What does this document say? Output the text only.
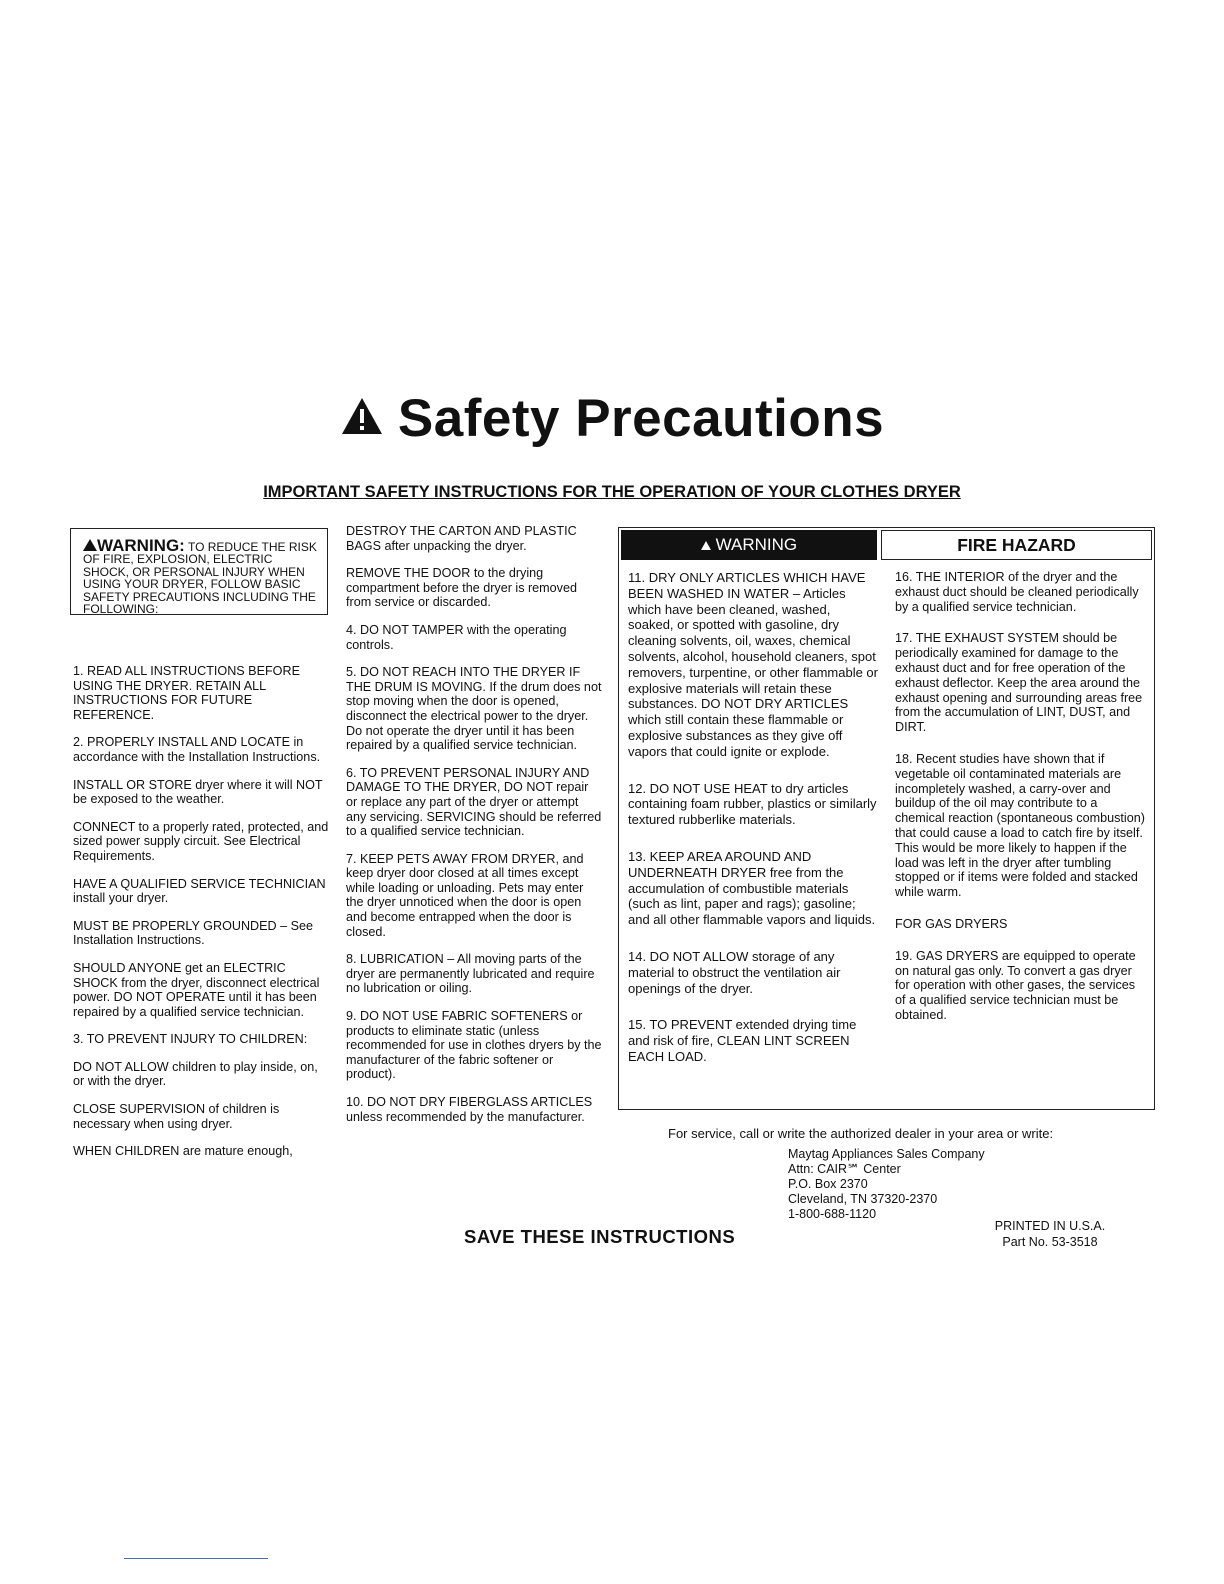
Safety Precautions
IMPORTANT SAFETY INSTRUCTIONS FOR THE OPERATION OF YOUR CLOTHES DRYER
WARNING: TO REDUCE THE RISK OF FIRE, EXPLOSION, ELECTRIC SHOCK, OR PERSONAL INJURY WHEN USING YOUR DRYER, FOLLOW BASIC SAFETY PRECAUTIONS INCLUDING THE FOLLOWING:

1. READ ALL INSTRUCTIONS BEFORE USING THE DRYER. RETAIN ALL INSTRUCTIONS FOR FUTURE REFERENCE.

2. PROPERLY INSTALL AND LOCATE in accordance with the Installation Instructions.

INSTALL OR STORE dryer where it will NOT be exposed to the weather.

CONNECT to a properly rated, protected, and sized power supply circuit. See Electrical Requirements.

HAVE A QUALIFIED SERVICE TECHNICIAN install your dryer.

MUST BE PROPERLY GROUNDED – See Installation Instructions.

SHOULD ANYONE get an ELECTRIC SHOCK from the dryer, disconnect electrical power. DO NOT OPERATE until it has been repaired by a qualified service technician.

3. TO PREVENT INJURY TO CHILDREN:

DO NOT ALLOW children to play inside, on, or with the dryer.

CLOSE SUPERVISION of children is necessary when using dryer.

WHEN CHILDREN are mature enough,

DESTROY THE CARTON AND PLASTIC BAGS after unpacking the dryer.

REMOVE THE DOOR to the drying compartment before the dryer is removed from service or discarded.

4. DO NOT TAMPER with the operating controls.

5. DO NOT REACH INTO THE DRYER IF THE DRUM IS MOVING. If the drum does not stop moving when the door is opened, disconnect the electrical power to the dryer. Do not operate the dryer until it has been repaired by a qualified service technician.

6. TO PREVENT PERSONAL INJURY AND DAMAGE TO THE DRYER, DO NOT repair or replace any part of the dryer or attempt any servicing. SERVICING should be referred to a qualified service technician.

7. KEEP PETS AWAY FROM DRYER, and keep dryer door closed at all times except while loading or unloading. Pets may enter the dryer unnoticed when the door is open and become entrapped when the door is closed.

8. LUBRICATION – All moving parts of the dryer are permanently lubricated and require no lubrication or oiling.

9. DO NOT USE FABRIC SOFTENERS or products to eliminate static (unless recommended for use in clothes dryers by the manufacturer of the fabric softener or product).

10. DO NOT DRY FIBERGLASS ARTICLES unless recommended by the manufacturer.

WARNING	FIRE HAZARD

11. DRY ONLY ARTICLES WHICH HAVE BEEN WASHED IN WATER – Articles which have been cleaned, washed, soaked, or spotted with gasoline, dry cleaning solvents, oil, waxes, chemical solvents, alcohol, household cleaners, spot removers, turpentine, or other flammable or explosive materials will retain these substances. DO NOT DRY ARTICLES which still contain these flammable or explosive substances as they give off vapors that could ignite or explode.

12. DO NOT USE HEAT to dry articles containing foam rubber, plastics or similarly textured rubberlike materials.

13. KEEP AREA AROUND AND UNDERNEATH DRYER free from the accumulation of combustible materials (such as lint, paper and rags); gasoline; and all other flammable vapors and liquids.

14. DO NOT ALLOW storage of any material to obstruct the ventilation air openings of the dryer.

15. TO PREVENT extended drying time and risk of fire, CLEAN LINT SCREEN EACH LOAD.

16. THE INTERIOR of the dryer and the exhaust duct should be cleaned periodically by a qualified service technician.

17. THE EXHAUST SYSTEM should be periodically examined for damage to the exhaust duct and for free operation of the exhaust deflector. Keep the area around the exhaust opening and surrounding areas free from the accumulation of LINT, DUST, and DIRT.

18. Recent studies have shown that if vegetable oil contaminated materials are incompletely washed, a carry-over and buildup of the oil may contribute to a chemical reaction (spontaneous combustion) that could cause a load to catch fire by itself. This would be more likely to happen if the load was left in the dryer after tumbling stopped or if items were folded and stacked while warm.

FOR GAS DRYERS

19. GAS DRYERS are equipped to operate on natural gas only. To convert a gas dryer for operation with other gases, the services of a qualified service technician must be obtained.

For service, call or write the authorized dealer in your area or write:
Maytag Appliances Sales Company
Attn: CAIR℠ Center
P.O. Box 2370
Cleveland, TN 37320-2370
1-800-688-1120
SAVE THESE INSTRUCTIONS	PRINTED IN U.S.A.
Part No. 53-3518
